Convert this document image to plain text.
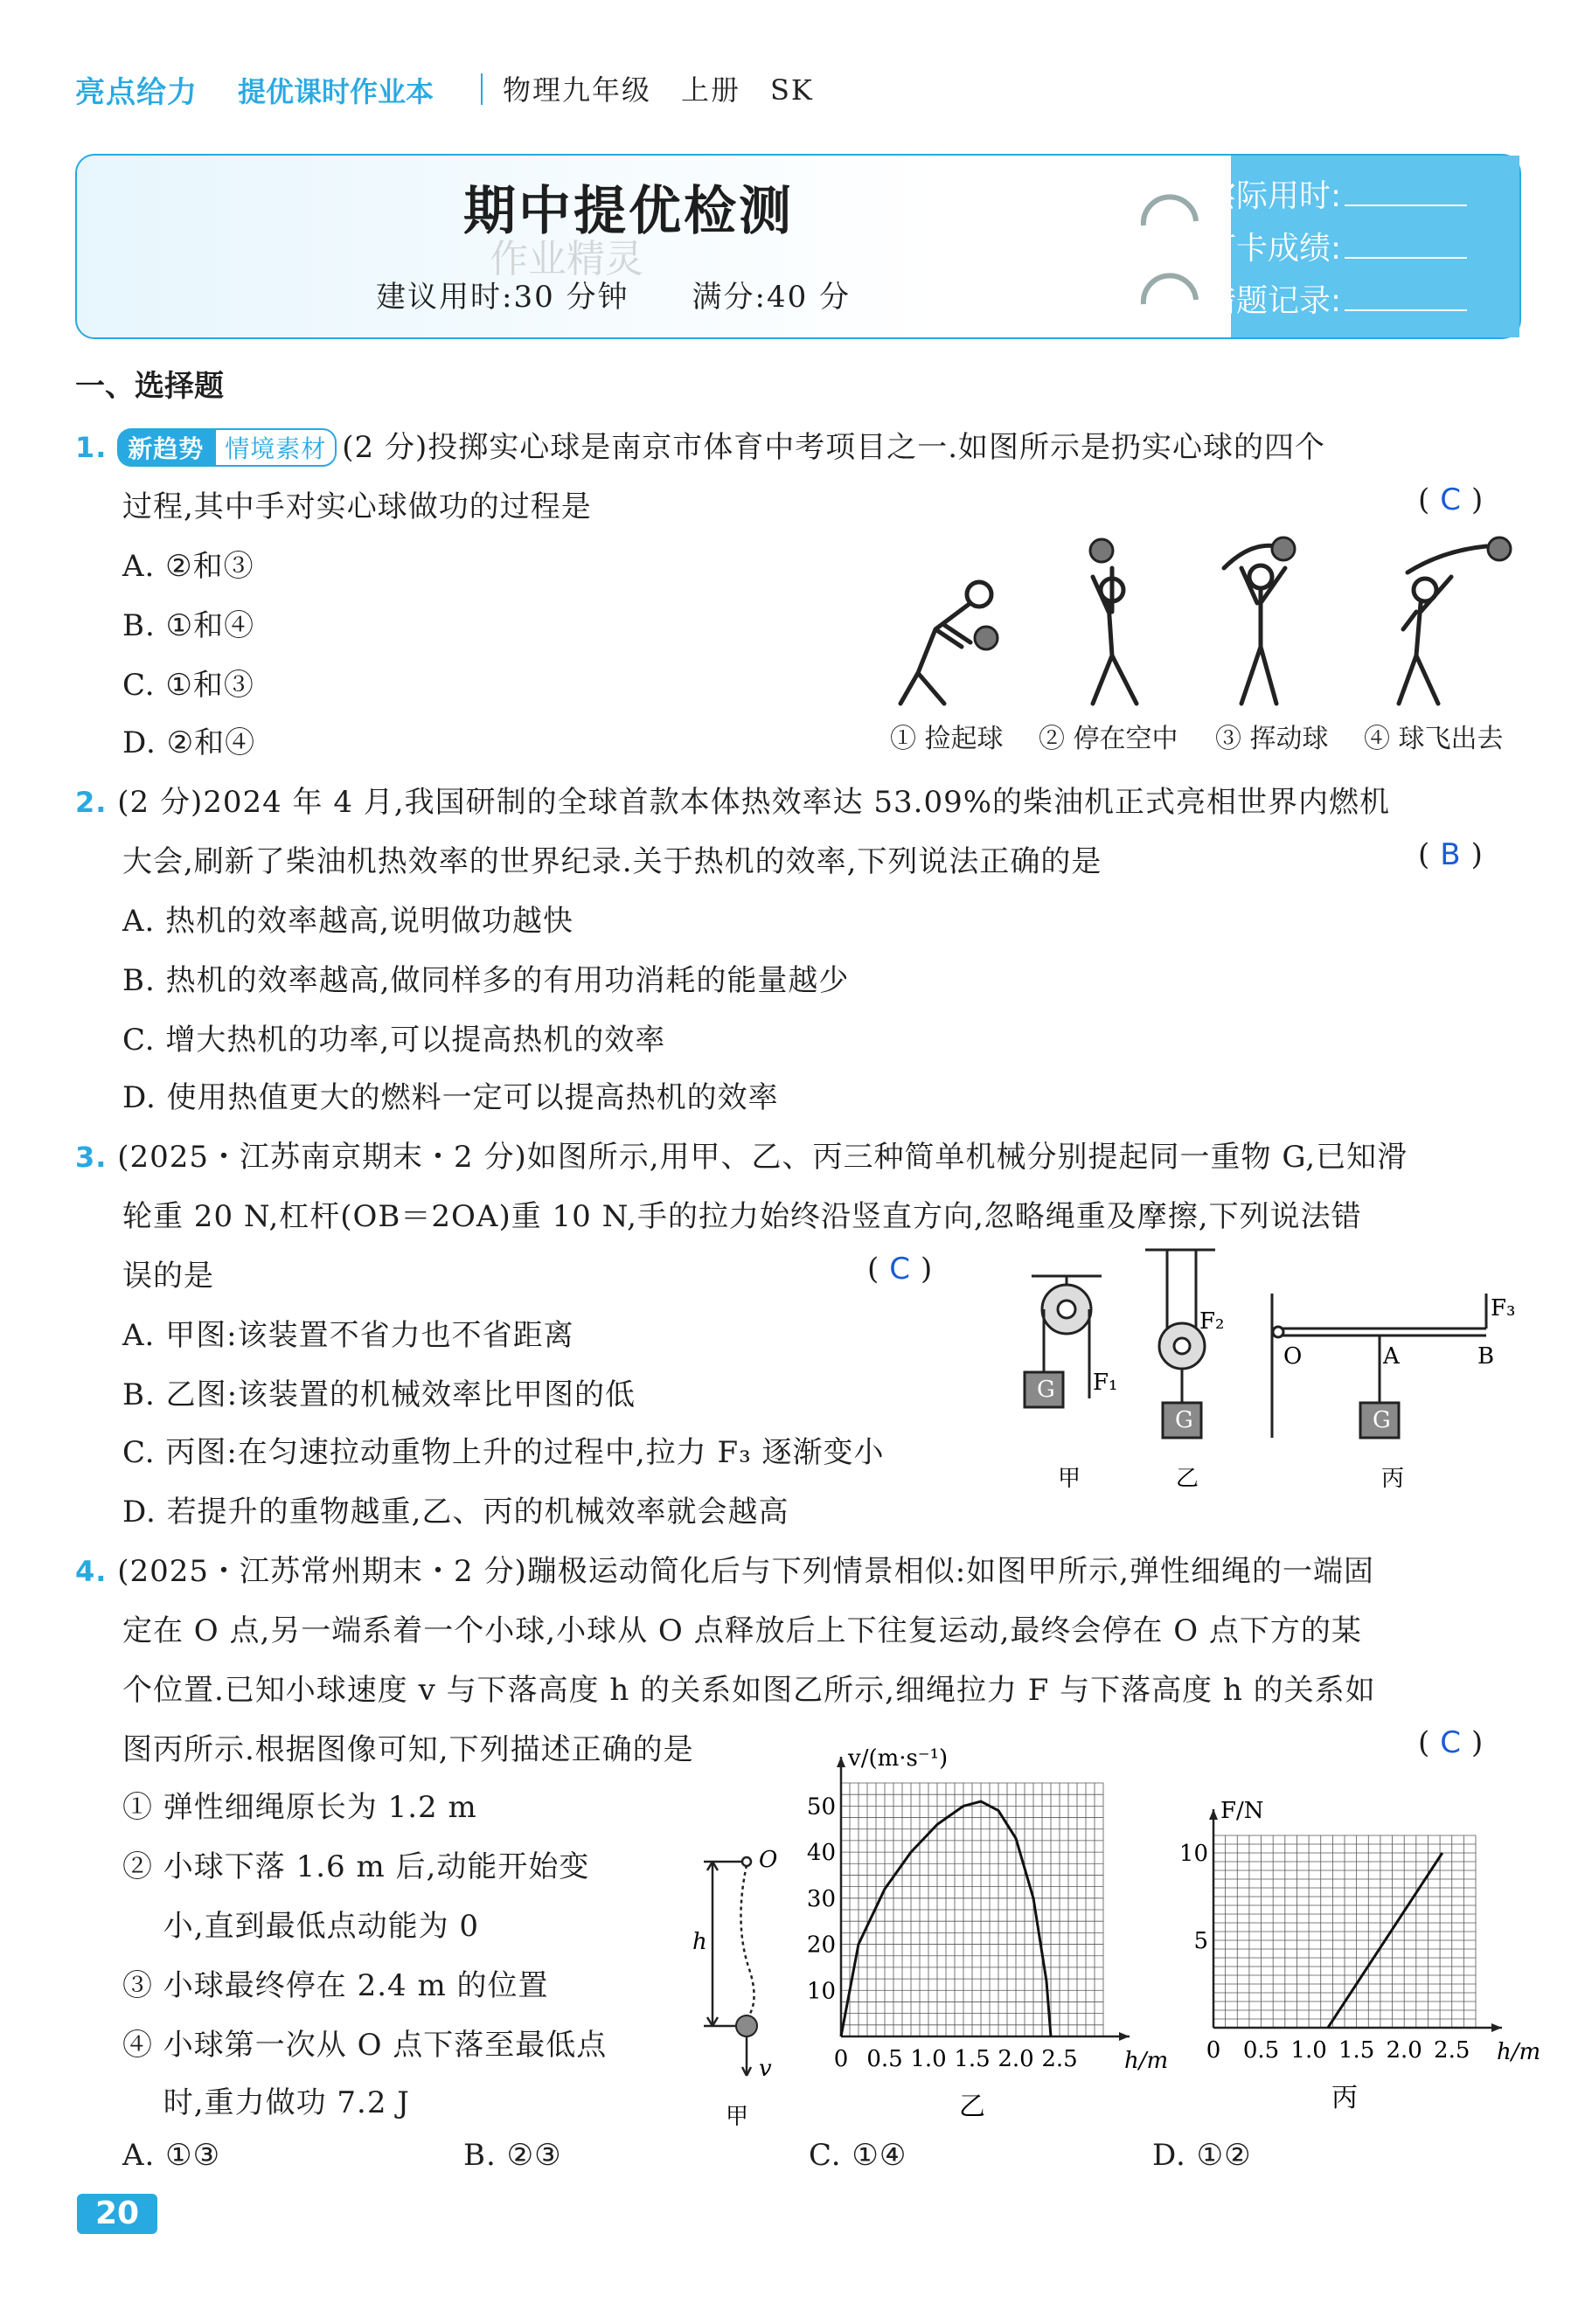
亮点给力 提优课时作业本 物理九年级　上册　SK
实际用时:
打卡成绩:
错题记录:
期中提优检测
作业精灵
建议用时:30 分钟　　满分:40 分
一、选择题
1. 新趋势 情境素材 (2 分)投掷实心球是南京市体育中考项目之一.如图所示是扔实心球的四个
过程,其中手对实心球做功的过程是	( C )
A. ②和③
B. ①和④
C. ①和③
D. ②和④	① 捡起球 ② 停在空中 ③ 挥动球 ④ 球飞出去
2. (2 分)2024 年 4 月,我国研制的全球首款本体热效率达 53.09%的柴油机正式亮相世界内燃机
大会,刷新了柴油机热效率的世界纪录.关于热机的效率,下列说法正确的是	( B )
A. 热机的效率越高,说明做功越快
B. 热机的效率越高,做同样多的有用功消耗的能量越少
C. 增大热机的功率,可以提高热机的效率
D. 使用热值更大的燃料一定可以提高热机的效率
3. (2025・江苏南京期末・2 分)如图所示,用甲、乙、丙三种简单机械分别提起同一重物 G,已知滑
轮重 20 N,杠杆(OB＝2OA)重 10 N,手的拉力始终沿竖直方向,忽略绳重及摩擦,下列说法错
误的是	( C )
A. 甲图:该装置不省力也不省距离
B. 乙图:该装置的机械效率比甲图的低
C. 丙图:在匀速拉动重物上升的过程中,拉力 F₃ 逐渐变小
D. 若提升的重物越重,乙、丙的机械效率就会越高
G F₁
G
F₂
G
F₃
O	A	B
甲	乙	丙
4. (2025・江苏常州期末・2 分)蹦极运动简化后与下列情景相似:如图甲所示,弹性细绳的一端固
定在 O 点,另一端系着一个小球,小球从 O 点释放后上下往复运动,最终会停在 O 点下方的某
个位置.已知小球速度 v 与下落高度 h 的关系如图乙所示,细绳拉力 F 与下落高度 h 的关系如
图丙所示.根据图像可知,下列描述正确的是	( C )
① 弹性细绳原长为 1.2 m
② 小球下落 1.6 m 后,动能开始变
　 小,直到最低点动能为 0
③ 小球最终停在 2.4 m 的位置
④ 小球第一次从 O 点下落至最低点
　 时,重力做功 7.2 J
A. ①③	B. ②③	C. ①④	D. ①②
O
h
v
甲
0 0.5 1.0 1.5 2.0 2.5
10
20
30
40
50
h/m
v/(m·s⁻¹)
乙
0 0.5 1.0 1.5 2.0 2.5
5
10
h/m
F/N
丙
20
